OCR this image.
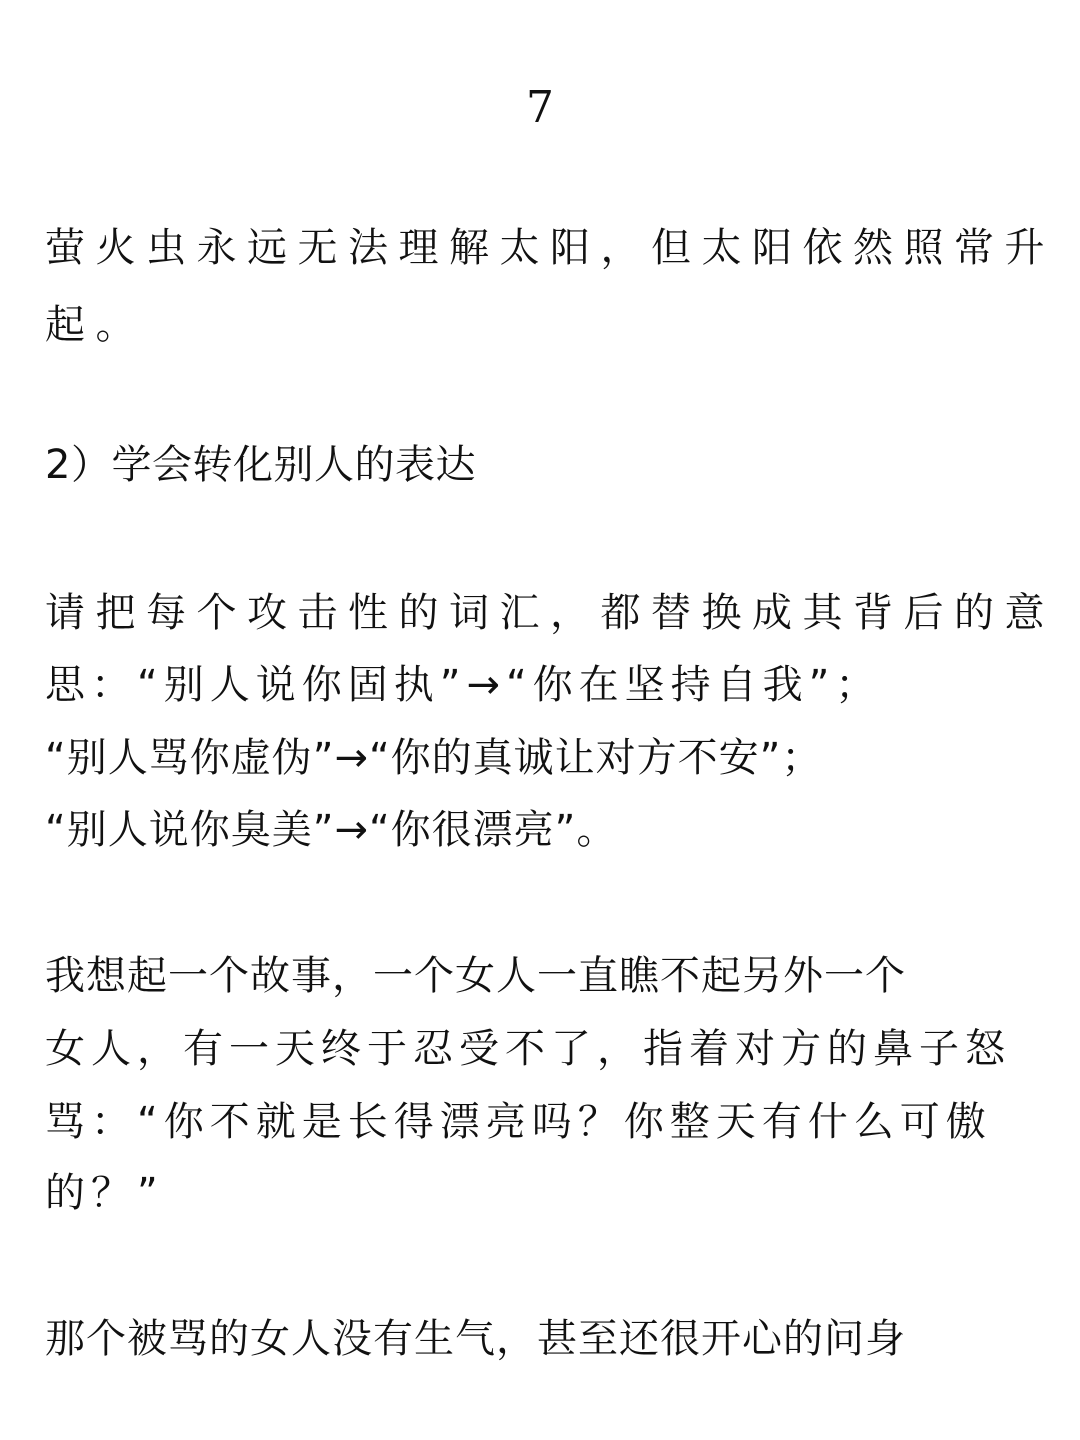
7

萤火虫永远无法理解太阳，但太阳依然照常升

起。

2）学会转化别人的表达

请把每个攻击性的词汇，都替换成其背后的意

思：“别人说你固执”→“你在坚持自我”；

“别人骂你虚伪”→“你的真诚让对方不安”；

“别人说你臭美”→“你很漂亮”。

我想起一个故事，一个女人一直瞧不起另外一个

女人，有一天终于忍受不了，指着对方的鼻子怒

骂：“你不就是长得漂亮吗？你整天有什么可傲

的？”

那个被骂的女人没有生气，甚至还很开心的问身
